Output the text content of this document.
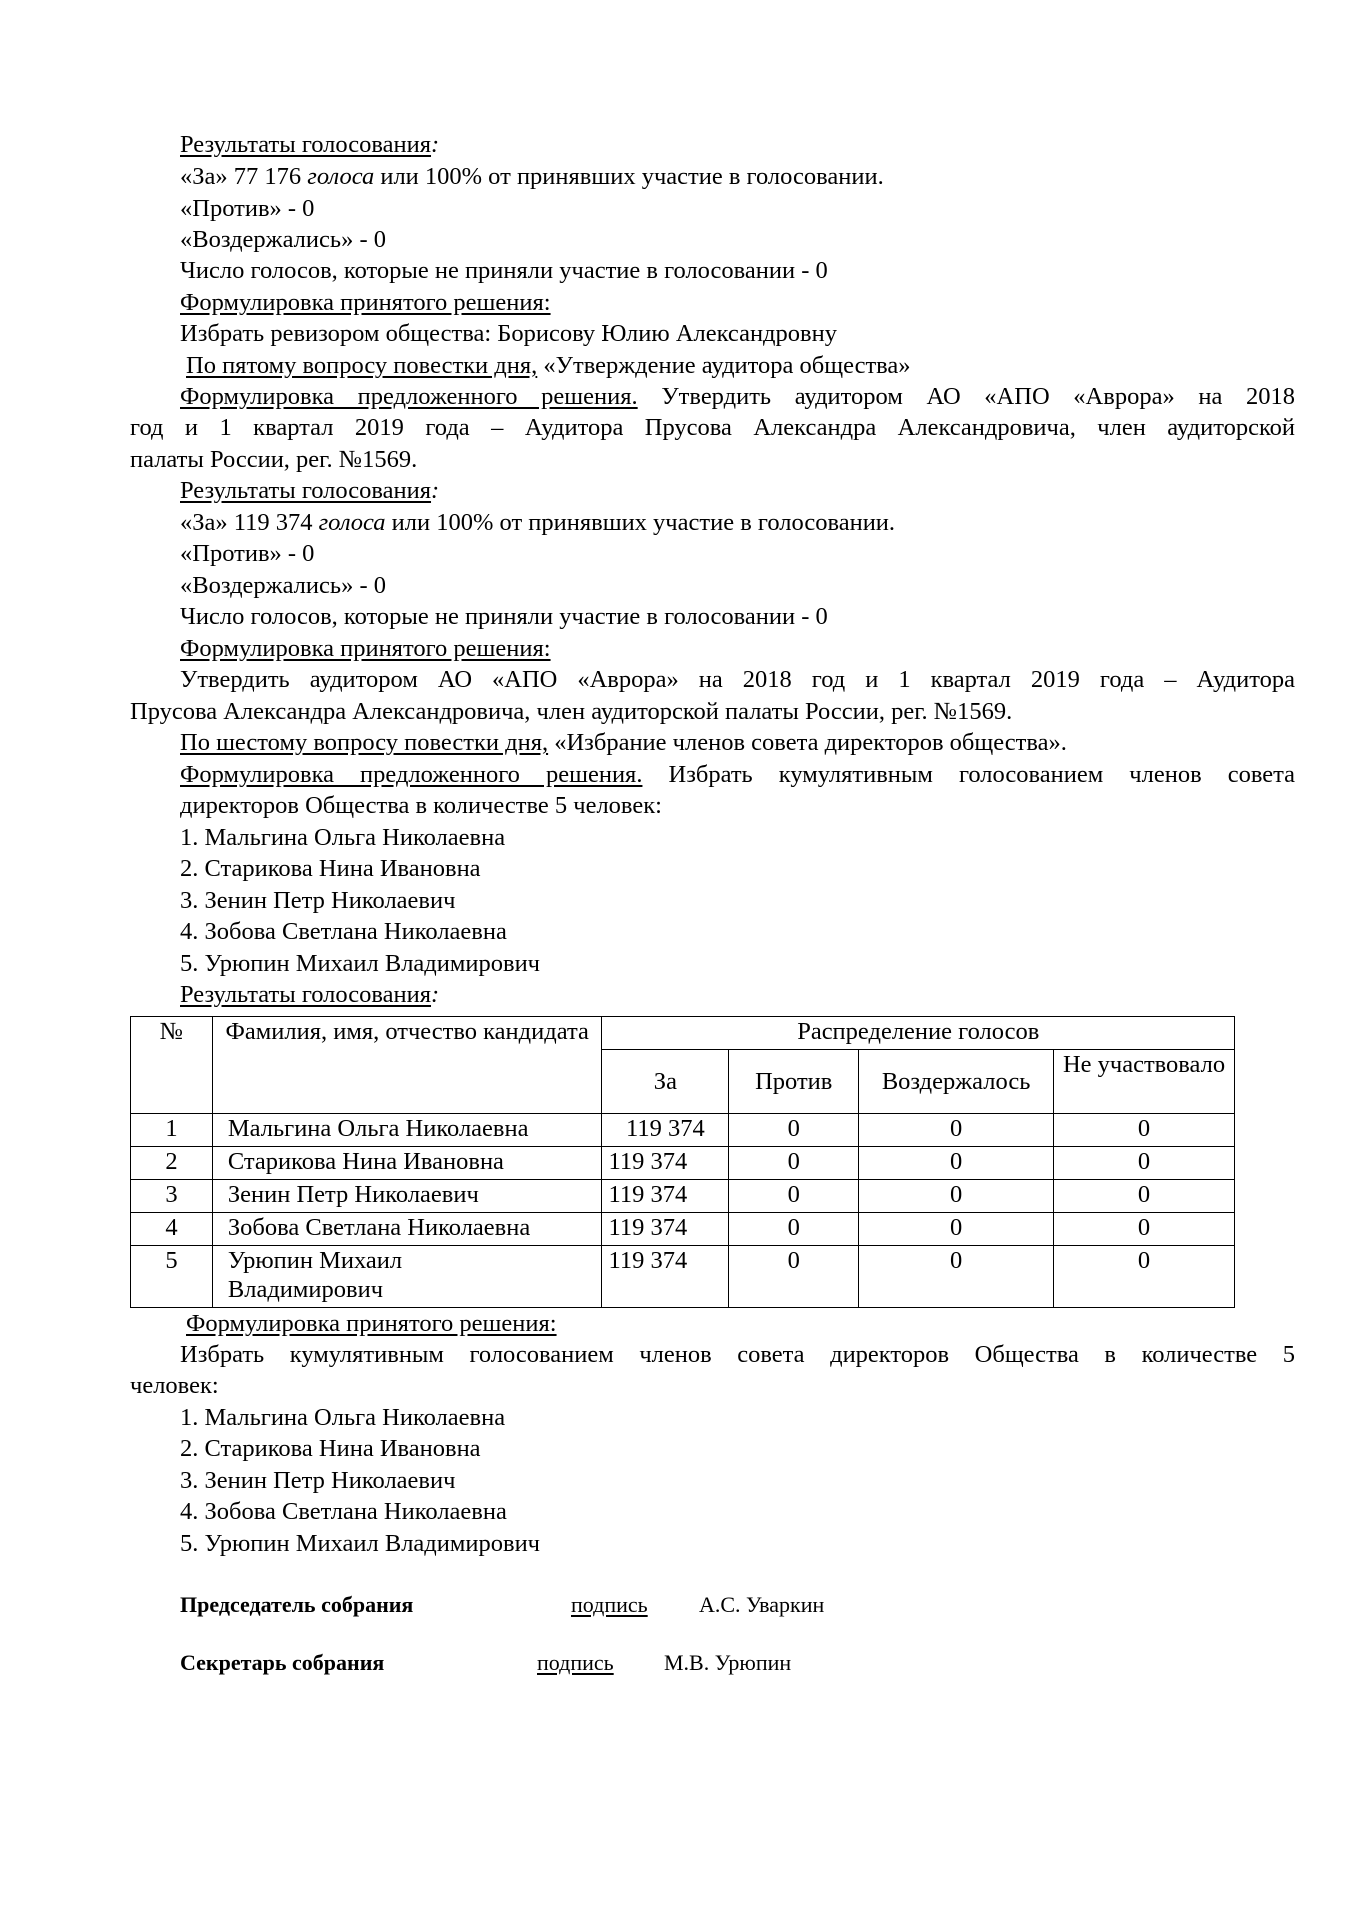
Результаты голосования:
«За» 77 176 голоса или 100% от принявших участие в голосовании.
«Против» - 0
«Воздержались» - 0
Число голосов, которые не приняли участие в голосовании - 0
Формулировка принятого решения:
Избрать ревизором общества: Борисову Юлию Александровну
По пятому вопросу повестки дня, «Утверждение аудитора общества»
Формулировка предложенного решения. Утвердить аудитором АО «АПО «Аврора» на 2018
год и 1 квартал 2019 года – Аудитора Прусова Александра Александровича, член аудиторской
палаты России, рег. №1569.
Результаты голосования:
«За» 119 374 голоса или 100% от принявших участие в голосовании.
«Против» - 0
«Воздержались» - 0
Число голосов, которые не приняли участие в голосовании - 0
Формулировка принятого решения:
Утвердить аудитором АО «АПО «Аврора» на 2018 год и 1 квартал 2019 года – Аудитора
Прусова Александра Александровича, член аудиторской палаты России, рег. №1569.
По шестому вопросу повестки дня, «Избрание членов совета директоров общества».
Формулировка предложенного решения. Избрать кумулятивным голосованием членов совета
директоров Общества в количестве 5 человек:
1. Мальгина Ольга Николаевна
2. Старикова Нина Ивановна
3. Зенин Петр Николаевич
4. Зобова Светлана Николаевна
5. Урюпин Михаил Владимирович
Результаты голосования:
№	Фамилия, имя, отчество кандидата	Распределение голосов			
		За	Против	Воздержалось	Не участвовало
1	Мальгина Ольга Николаевна	119 374	0	0	0
2	Старикова Нина Ивановна	119 374	0	0	0
3	Зенин Петр Николаевич	119 374	0	0	0
4	Зобова Светлана Николаевна	119 374	0	0	0
5	Урюпин Михаил Владимирович	119 374	0	0	0
Формулировка принятого решения:
Избрать кумулятивным голосованием членов совета директоров Общества в количестве 5
человек:
1. Мальгина Ольга Николаевна
2. Старикова Нина Ивановна
3. Зенин Петр Николаевич
4. Зобова Светлана Николаевна
5. Урюпин Михаил Владимирович
Председатель собрания	подпись А.С. Уваркин
Секретарь собрания	подпись М.В. Урюпин
